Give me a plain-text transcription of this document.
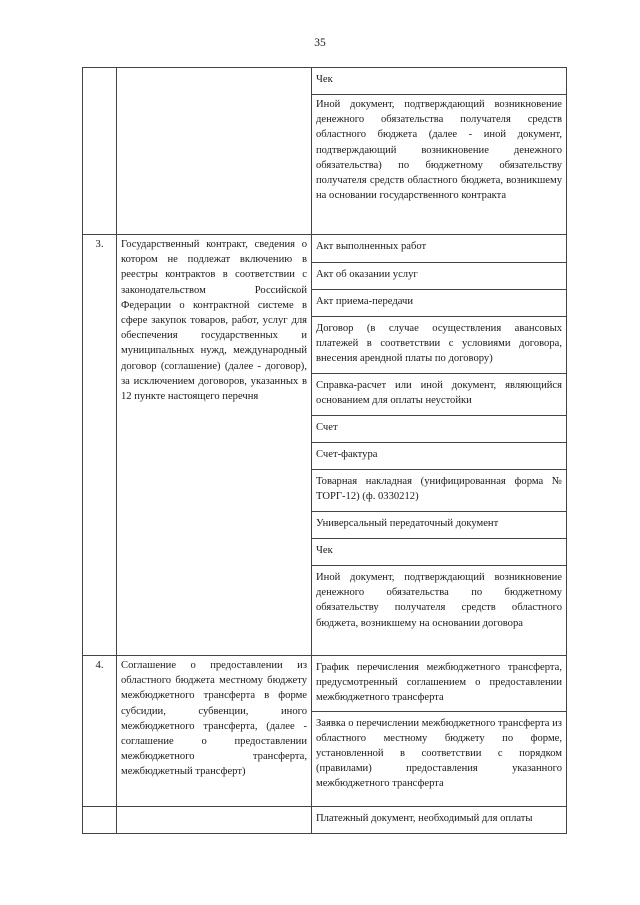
35
		Чек
		Иной документ, подтверждающий возникновение денежного обязательства получателя средств областного бюджета (далее - иной документ, подтверждающий возникновение денежного обязательства) по бюджетному обязательству получателя средств областного бюджета, возникшему на основании государственного контракта
3.	Государственный контракт, сведения о котором не подлежат включению в реестры контрактов в соответствии с законодательством Российской Федерации о контрактной системе в сфере закупок товаров, работ, услуг для обеспечения государственных и муниципальных нужд, международный договор (соглашение) (далее - договор), за исключением договоров, указанных в 12 пункте настоящего перечня	Акт выполненных работ
		Акт об оказании услуг
		Акт приема-передачи
		Договор (в случае осуществления авансовых платежей в соответствии с условиями договора, внесения арендной платы по договору)
		Справка-расчет или иной документ, являющийся основанием для оплаты неустойки
		Счет
		Счет-фактура
		Товарная накладная (унифицированная форма № ТОРГ-12) (ф. 0330212)
		Универсальный передаточный документ
		Чек
		Иной документ, подтверждающий возникновение денежного обязательства по бюджетному обязательству получателя средств областного бюджета, возникшему на основании договора
4.	Соглашение о предоставлении из областного бюджета местному бюджету межбюджетного трансферта в форме субсидии, субвенции, иного межбюджетного трансферта, (далее - соглашение о предоставлении межбюджетного трансферта, межбюджетный трансферт)	График перечисления межбюджетного трансферта, предусмотренный соглашением о предоставлении межбюджетного трансферта
		Заявка о перечислении межбюджетного трансферта из областного местному бюджету по форме, установленной в соответствии с порядком (правилами) предоставления указанного межбюджетного трансферта
		Платежный документ, необходимый для оплаты
